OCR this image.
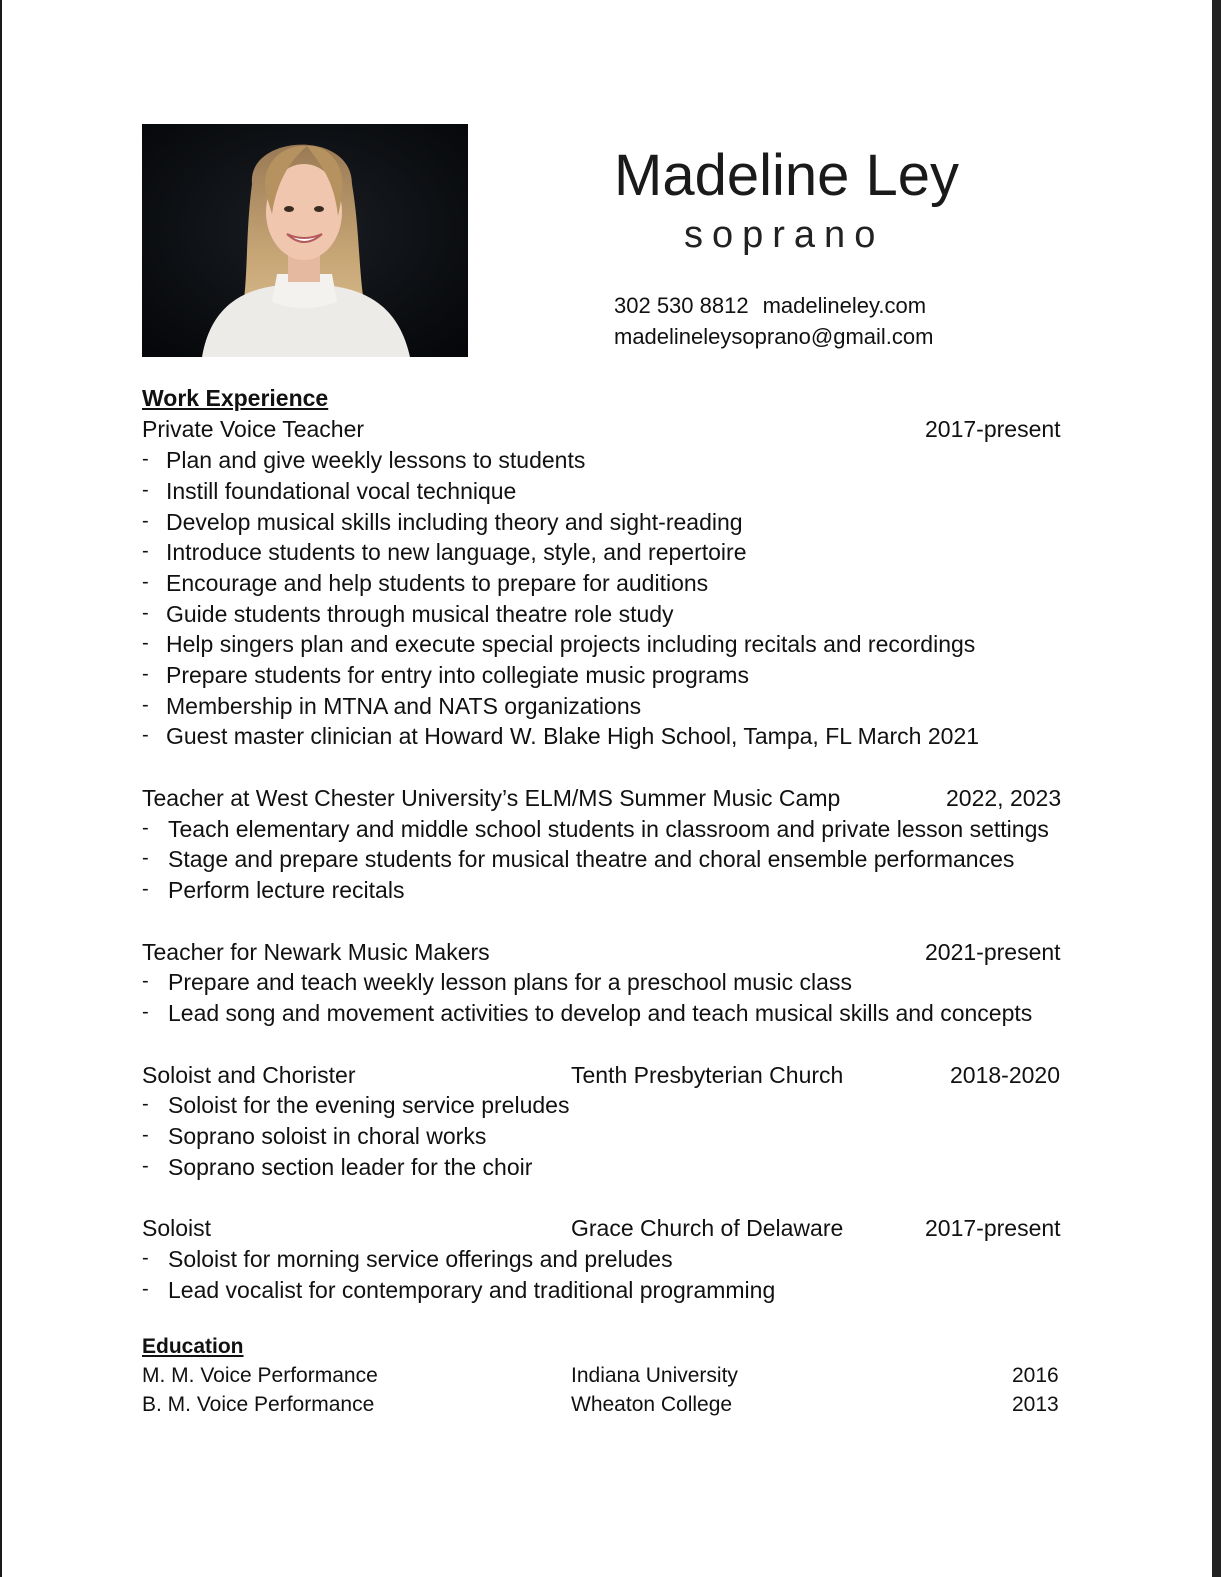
Madeline Ley
soprano
302 530 8812 madelineley.com
madelineleysoprano@gmail.com
Work Experience
Private Voice Teacher	2017-present
- Plan and give weekly lessons to students
- Instill foundational vocal technique
- Develop musical skills including theory and sight-reading
- Introduce students to new language, style, and repertoire
- Encourage and help students to prepare for auditions
- Guide students through musical theatre role study
- Help singers plan and execute special projects including recitals and recordings
- Prepare students for entry into collegiate music programs
- Membership in MTNA and NATS organizations
- Guest master clinician at Howard W. Blake High School, Tampa, FL March 2021
Teacher at West Chester University’s ELM/MS Summer Music Camp	2022, 2023
- Teach elementary and middle school students in classroom and private lesson settings
- Stage and prepare students for musical theatre and choral ensemble performances
- Perform lecture recitals
Teacher for Newark Music Makers	2021-present
- Prepare and teach weekly lesson plans for a preschool music class
- Lead song and movement activities to develop and teach musical skills and concepts
Soloist and Chorister	Tenth Presbyterian Church	2018-2020
- Soloist for the evening service preludes
- Soprano soloist in choral works
- Soprano section leader for the choir
Soloist	Grace Church of Delaware	2017-present
- Soloist for morning service offerings and preludes
- Lead vocalist for contemporary and traditional programming
Education
M. M. Voice Performance	Indiana University	2016
B. M. Voice Performance	Wheaton College	2013
